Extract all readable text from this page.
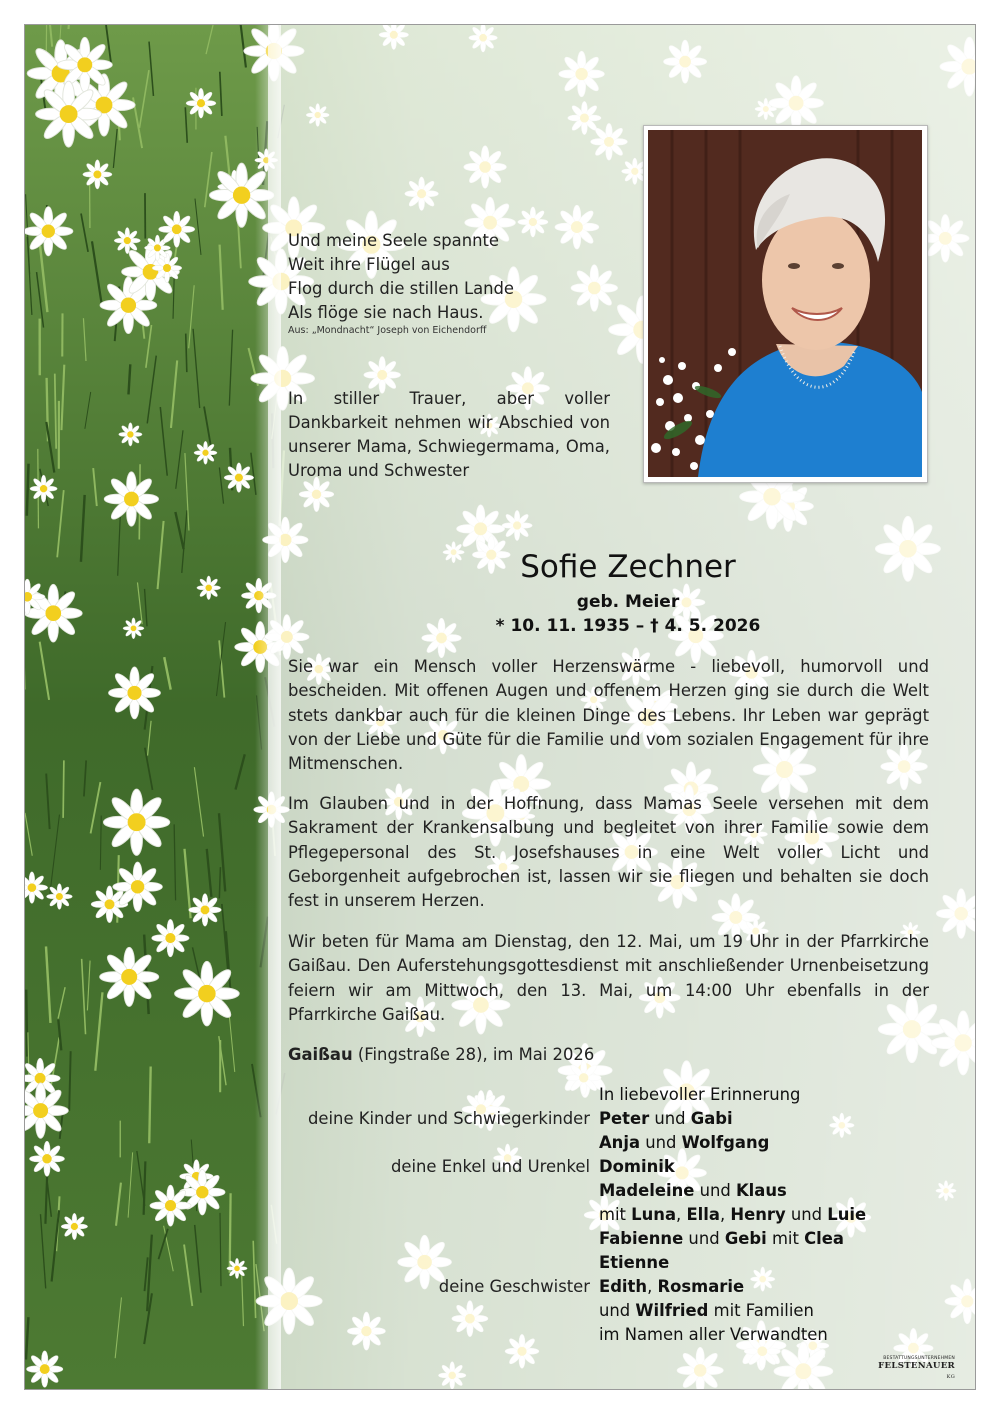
Und meine Seele spannte
Weit ihre Flügel aus
Flog durch die stillen Lande
Als flöge sie nach Haus.
Aus: „Mondnacht“ Joseph von Eichendorff
In stiller Trauer, aber voller Dankbarkeit nehmen wir Abschied von unserer Mama, Schwiegermama, Oma, Uroma und Schwester
Sofie Zechner
geb. Meier
* 10. 11. 1935 – † 4. 5. 2026
Sie war ein Mensch voller Herzenswärme - liebevoll, humorvoll und bescheiden. Mit offenen Augen und offenem Herzen ging sie durch die Welt stets dankbar auch für die kleinen Dinge des Lebens. Ihr Leben war geprägt von der Liebe und Güte für die Familie und vom sozialen Engagement für ihre Mitmenschen.
Im Glauben und in der Hoffnung, dass Mamas Seele versehen mit dem Sakrament der Krankensalbung und begleitet von ihrer Familie sowie dem Pflegepersonal des St. Josefshauses in eine Welt voller Licht und Geborgenheit aufgebrochen ist, lassen wir sie fliegen und behalten sie doch fest in unserem Herzen.
Wir beten für Mama am Dienstag, den 12. Mai, um 19 Uhr in der Pfarrkirche Gaißau. Den Auferstehungsgottesdienst mit anschließender Urnenbeisetzung feiern wir am Mittwoch, den 13. Mai, um 14:00 Uhr ebenfalls in der Pfarrkirche Gaißau.
Gaißau (Fingstraße 28), im Mai 2026
In liebevoller Erinnerung
deine Kinder und Schwiegerkinder Peter und Gabi
Anja und Wolfgang
deine Enkel und Urenkel Dominik
Madeleine und Klaus
mit Luna, Ella, Henry und Luie
Fabienne und Gebi mit Clea
Etienne
deine Geschwister Edith, Rosmarie
und Wilfried mit Familien
im Namen aller Verwandten
BESTATTUNGSUNTERNEHMEN
FELSTENAUER KG
